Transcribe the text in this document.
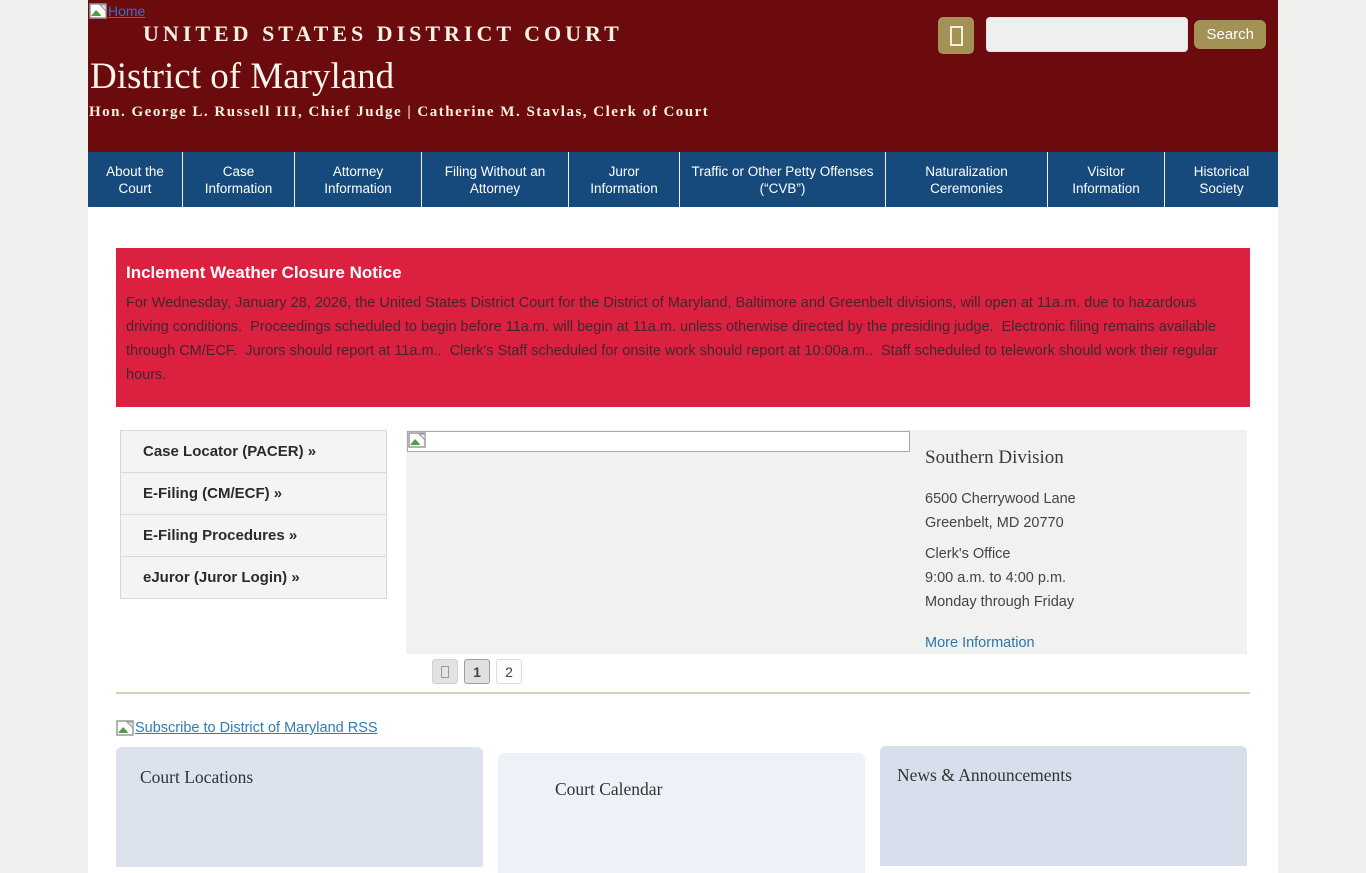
Home
UNITED STATES DISTRICT COURT
District of Maryland
Hon. George L. Russell III, Chief Judge | Catherine M. Stavlas, Clerk of Court
Search
About the Court
Case Information
Attorney Information
Filing Without an Attorney
Juror Information
Traffic or Other Petty Offenses (“CVB”)
Naturalization Ceremonies
Visitor Information
Historical Society
Inclement Weather Closure Notice

For Wednesday, January 28, 2026, the United States District Court for the District of Maryland, Baltimore and Greenbelt divisions, will open at 11a.m. due to hazardous driving conditions.  Proceedings scheduled to begin before 11a.m. will begin at 11a.m. unless otherwise directed by the presiding judge.  Electronic filing remains available through CM/ECF.  Jurors should report at 11a.m..  Clerk's Staff scheduled for onsite work should report at 10:00a.m..  Staff scheduled to telework should work their regular hours.

Case Locator (PACER) »
E-Filing (CM/ECF) »
E-Filing Procedures »
eJuror (Juror Login) »
Southern Division

6500 Cherrywood Lane

Greenbelt, MD 20770

Clerk's Office

9:00 a.m. to 4:00 p.m.

Monday through Friday

More Information
1	2
Subscribe to District of Maryland RSS
Court Locations
Court Calendar
News & Announcements
